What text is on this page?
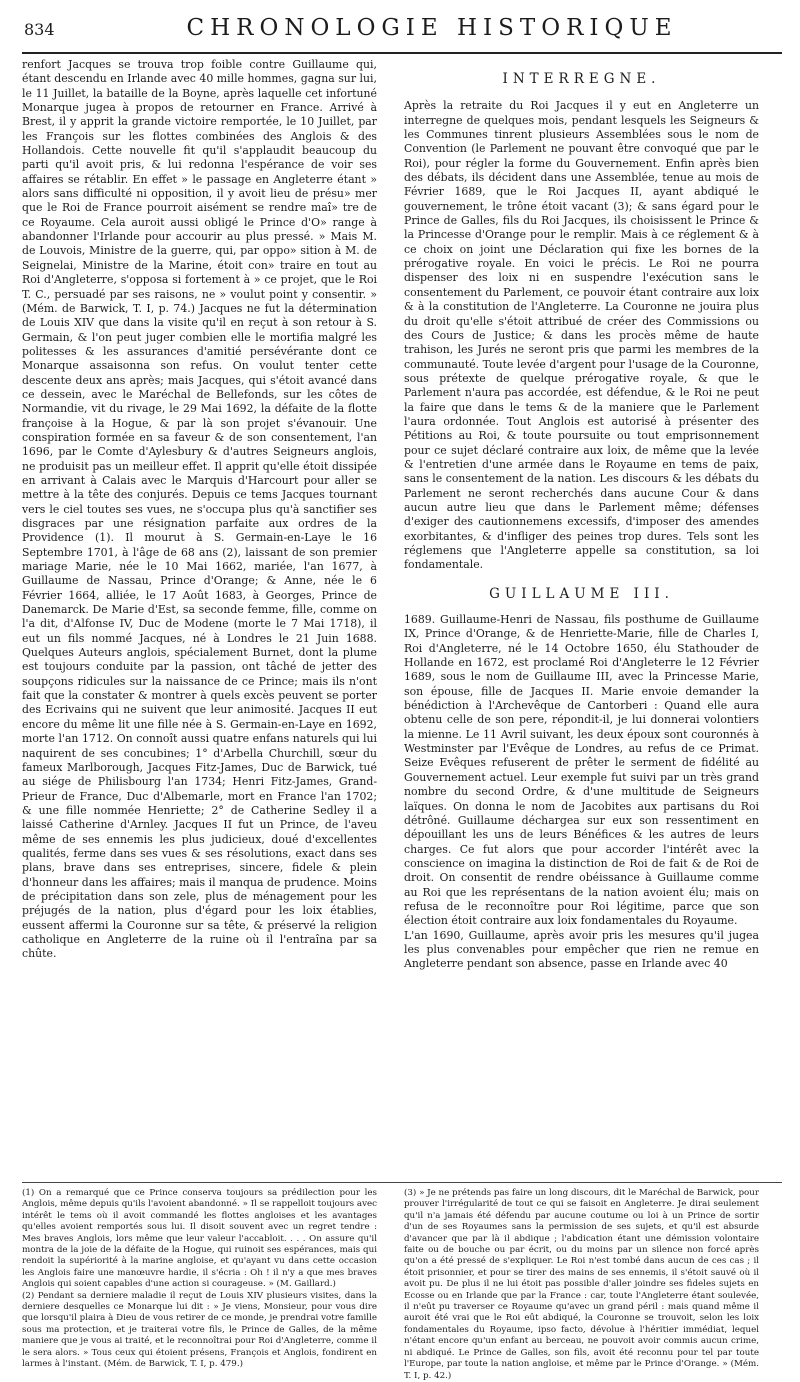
834	CHRONOLOGIE HISTORIQUE

renfort Jacques se trouva trop foible contre Guillaume qui, étant descendu en Irlande avec 40 mille hommes, gagna sur lui, le 11 Juillet, la bataille de la Boyne, après laquelle cet infortuné Monarque jugea à propos de retourner en France. Arrivé à Brest, il y apprit la grande victoire remportée, le 10 Juillet, par les François sur les flottes combinées des Anglois & des Hollandois. Cette nouvelle fit qu'il s'applaudit beaucoup du parti qu'il avoit pris, & lui redonna l'espérance de voir ses affaires se rétablir. En effet » le passage en Angleterre étant » alors sans difficulté ni opposition, il y avoit lieu de présu» mer que le Roi de France pourroit aisément se rendre maî» tre de ce Royaume. Cela auroit aussi obligé le Prince d'O» range à abandonner l'Irlande pour accourir au plus pressé. » Mais M. de Louvois, Ministre de la guerre, qui, par oppo» sition à M. de Seignelai, Ministre de la Marine, étoit con» traire en tout au Roi d'Angleterre, s'opposa si fortement à » ce projet, que le Roi T. C., persuadé par ses raisons, ne » voulut point y consentir. » (Mém. de Barwick, T. I, p. 74.) Jacques ne fut la détermination de Louis XIV que dans la visite qu'il en reçut à son retour à S. Germain, & l'on peut juger combien elle le mortifia malgré les politesses & les assurances d'amitié persévérante dont ce Monarque assaisonna son refus. On voulut tenter cette descente deux ans après; mais Jacques, qui s'étoit avancé dans ce dessein, avec le Maréchal de Bellefonds, sur les côtes de Normandie, vit du rivage, le 29 Mai 1692, la défaite de la flotte françoise à la Hogue, & par là son projet s'évanouir. Une conspiration formée en sa faveur & de son consentement, l'an 1696, par le Comte d'Aylesbury & d'autres Seigneurs anglois, ne produisit pas un meilleur effet. Il apprit qu'elle étoit dissipée en arrivant à Calais avec le Marquis d'Harcourt pour aller se mettre à la tête des conjurés. Depuis ce tems Jacques tournant vers le ciel toutes ses vues, ne s'occupa plus qu'à sanctifier ses disgraces par une résignation parfaite aux ordres de la Providence (1). Il mourut à S. Germain-en-Laye le 16 Septembre 1701, à l'âge de 68 ans (2), laissant de son premier mariage Marie, née le 10 Mai 1662, mariée, l'an 1677, à Guillaume de Nassau, Prince d'Orange; & Anne, née le 6 Février 1664, alliée, le 17 Août 1683, à Georges, Prince de Danemarck. De Marie d'Est, sa seconde femme, fille, comme on l'a dit, d'Alfonse IV, Duc de Modene (morte le 7 Mai 1718), il eut un fils nommé Jacques, né à Londres le 21 Juin 1688. Quelques Auteurs anglois, spécialement Burnet, dont la plume est toujours conduite par la passion, ont tâché de jetter des soupçons ridicules sur la naissance de ce Prince; mais ils n'ont fait que la constater & montrer à quels excès peuvent se porter des Ecrivains qui ne suivent que leur animosité. Jacques II eut encore du même lit une fille née à S. Germain-en-Laye en 1692, morte l'an 1712. On connoît aussi quatre enfans naturels qui lui naquirent de ses concubines; 1° d'Arbella Churchill, sœur du fameux Marlborough, Jacques Fitz-James, Duc de Barwick, tué au siége de Philisbourg l'an 1734; Henri Fitz-James, Grand-Prieur de France, Duc d'Albemarle, mort en France l'an 1702; & une fille nommée Henriette; 2° de Catherine Sedley il a laissé Catherine d'Arnley. Jacques II fut un Prince, de l'aveu même de ses ennemis les plus judicieux, doué d'excellentes qualités, ferme dans ses vues & ses résolutions, exact dans ses plans, brave dans ses entreprises, sincere, fidele & plein d'honneur dans les affaires; mais il manqua de prudence. Moins de précipitation dans son zele, plus de ménagement pour les préjugés de la nation, plus d'égard pour les loix établies, eussent affermi la Couronne sur sa tête, & préservé la religion catholique en Angleterre de la ruine où il l'entraîna par sa chûte.

INTERREGNE.

Après la retraite du Roi Jacques il y eut en Angleterre un interregne de quelques mois, pendant lesquels les Seigneurs & les Communes tinrent plusieurs Assemblées sous le nom de Convention (le Parlement ne pouvant être convoqué que par le Roi), pour régler la forme du Gouvernement. Enfin après bien des débats, ils décident dans une Assemblée, tenue au mois de Février 1689, que le Roi Jacques II, ayant abdiqué le gouvernement, le trône étoit vacant (3); & sans égard pour le Prince de Galles, fils du Roi Jacques, ils choisissent le Prince & la Princesse d'Orange pour le remplir. Mais à ce réglement & à ce choix on joint une Déclaration qui fixe les bornes de la prérogative royale. En voici le précis. Le Roi ne pourra dispenser des loix ni en suspendre l'exécution sans le consentement du Parlement, ce pouvoir étant contraire aux loix & à la constitution de l'Angleterre. La Couronne ne jouira plus du droit qu'elle s'étoit attribué de créer des Commissions ou des Cours de Justice; & dans les procès même de haute trahison, les Jurés ne seront pris que parmi les membres de la communauté. Toute levée d'argent pour l'usage de la Couronne, sous prétexte de quelque prérogative royale, & que le Parlement n'aura pas accordée, est défendue, & le Roi ne peut la faire que dans le tems & de la maniere que le Parlement l'aura ordonnée. Tout Anglois est autorisé à présenter des Pétitions au Roi, & toute poursuite ou tout emprisonnement pour ce sujet déclaré contraire aux loix, de même que la levée & l'entretien d'une armée dans le Royaume en tems de paix, sans le consentement de la nation. Les discours & les débats du Parlement ne seront recherchés dans aucune Cour & dans aucun autre lieu que dans le Parlement même; défenses d'exiger des cautionnemens excessifs, d'imposer des amendes exorbitantes, & d'infliger des peines trop dures. Tels sont les réglemens que l'Angleterre appelle sa constitution, sa loi fondamentale.

GUILLAUME III.

1689. Guillaume-Henri de Nassau, fils posthume de Guillaume IX, Prince d'Orange, & de Henriette-Marie, fille de Charles I, Roi d'Angleterre, né le 14 Octobre 1650, élu Stathouder de Hollande en 1672, est proclamé Roi d'Angleterre le 12 Février 1689, sous le nom de Guillaume III, avec la Princesse Marie, son épouse, fille de Jacques II. Marie envoie demander la bénédiction à l'Archevêque de Cantorberi : Quand elle aura obtenu celle de son pere, répondit-il, je lui donnerai volontiers la mienne. Le 11 Avril suivant, les deux époux sont couronnés à Westminster par l'Evêque de Londres, au refus de ce Primat. Seize Evêques refuserent de prêter le serment de fidélité au Gouvernement actuel. Leur exemple fut suivi par un très grand nombre du second Ordre, & d'une multitude de Seigneurs laïques. On donna le nom de Jacobites aux partisans du Roi détrôné. Guillaume déchargea sur eux son ressentiment en dépouillant les uns de leurs Bénéfices & les autres de leurs charges. Ce fut alors que pour accorder l'intérêt avec la conscience on imagina la distinction de Roi de fait & de Roi de droit. On consentit de rendre obéissance à Guillaume comme au Roi que les représentans de la nation avoient élu; mais on refusa de le reconnoître pour Roi légitime, parce que son élection étoit contraire aux loix fondamentales du Royaume.

L'an 1690, Guillaume, après avoir pris les mesures qu'il jugea les plus convenables pour empêcher que rien ne remue en Angleterre pendant son absence, passe en Irlande avec 40

(1) On a remarqué que ce Prince conserva toujours sa prédilection pour les Anglois, même depuis qu'ils l'avoient abandonné. » Il se rappelloit toujours avec intérêt le tems où il avoit commandé les flottes angloises et les avantages qu'elles avoient remportés sous lui. Il disoit souvent avec un regret tendre : Mes braves Anglois, lors même que leur valeur l'accabloit. . . . On assure qu'il montra de la joie de la défaite de la Hogue, qui ruinoit ses espérances, mais qui rendoit la supériorité à la marine angloise, et qu'ayant vu dans cette occasion les Anglois faire une manœuvre hardie, il s'écria : Oh ! il n'y a que mes braves Anglois qui soient capables d'une action si courageuse. » (M. Gaillard.)

(2) Pendant sa derniere maladie il reçut de Louis XIV plusieurs visites, dans la derniere desquelles ce Monarque lui dit : » Je viens, Monsieur, pour vous dire que lorsqu'il plaira à Dieu de vous retirer de ce monde, je prendrai votre famille sous ma protection, et je traiterai votre fils, le Prince de Galles, de la même maniere que je vous ai traité, et le reconnoîtrai pour Roi d'Angleterre, comme il le sera alors. » Tous ceux qui étoient présens, François et Anglois, fondirent en larmes à l'instant. (Mém. de Barwick, T. I, p. 479.)

(3) » Je ne prétends pas faire un long discours, dit le Maréchal de Barwick, pour prouver l'irrégularité de tout ce qui se faisoit en Angleterre. Je dirai seulement qu'il n'a jamais été défendu par aucune coutume ou loi à un Prince de sortir d'un de ses Royaumes sans la permission de ses sujets, et qu'il est absurde d'avancer que par là il abdique ; l'abdication étant une démission volontaire faite ou de bouche ou par écrit, ou du moins par un silence non forcé après qu'on a été pressé de s'expliquer. Le Roi n'est tombé dans aucun de ces cas ; il étoit prisonnier, et pour se tirer des mains de ses ennemis, il s'étoit sauvé où il avoit pu. De plus il ne lui étoit pas possible d'aller joindre ses fideles sujets en Ecosse ou en Irlande que par la France : car, toute l'Angleterre étant soulevée, il n'eût pu traverser ce Royaume qu'avec un grand péril : mais quand même il auroit été vrai que le Roi eût abdiqué, la Couronne se trouvoit, selon les loix fondamentales du Royaume, ipso facto, dévolue à l'héritier immédiat, lequel n'étant encore qu'un enfant au berceau, ne pouvoit avoir commis aucun crime, ni abdiqué. Le Prince de Galles, son fils, avoit été reconnu pour tel par toute l'Europe, par toute la nation angloise, et même par le Prince d'Orange. » (Mém. T. I, p. 42.)
